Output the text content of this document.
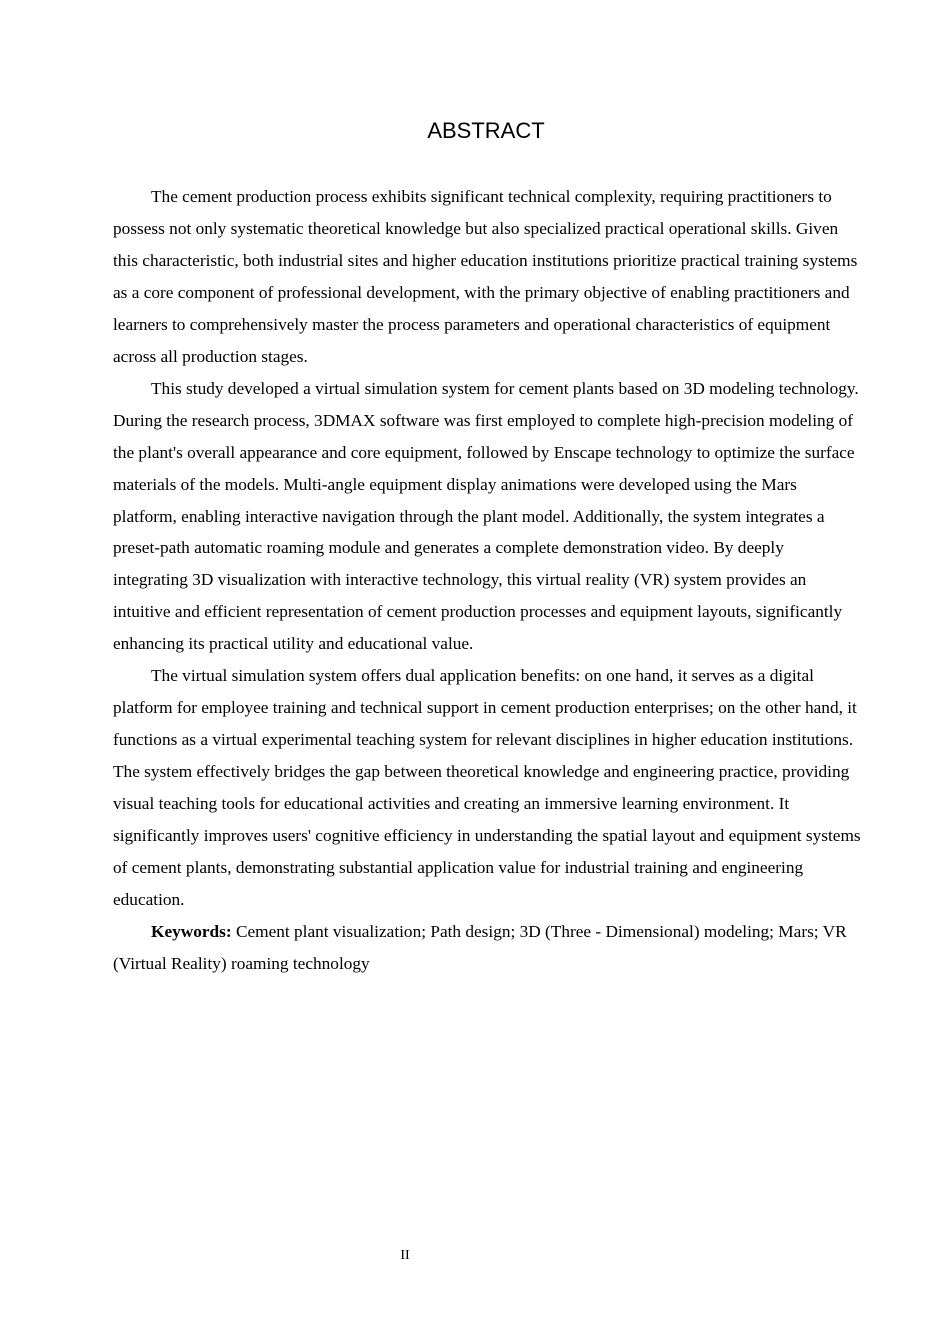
ABSTRACT

The cement production process exhibits significant technical complexity, requiring practitioners to possess not only systematic theoretical knowledge but also specialized practical operational skills. Given this characteristic, both industrial sites and higher education institutions prioritize practical training systems as a core component of professional development, with the primary objective of enabling practitioners and learners to comprehensively master the process parameters and operational characteristics of equipment across all production stages.

This study developed a virtual simulation system for cement plants based on 3D modeling technology. During the research process, 3DMAX software was first employed to complete high-precision modeling of the plant's overall appearance and core equipment, followed by Enscape technology to optimize the surface materials of the models. Multi-angle equipment display animations were developed using the Mars platform, enabling interactive navigation through the plant model. Additionally, the system integrates a preset-path automatic roaming module and generates a complete demonstration video. By deeply integrating 3D visualization with interactive technology, this virtual reality (VR) system provides an intuitive and efficient representation of cement production processes and equipment layouts, significantly enhancing its practical utility and educational value.

The virtual simulation system offers dual application benefits: on one hand, it serves as a digital platform for employee training and technical support in cement production enterprises; on the other hand, it functions as a virtual experimental teaching system for relevant disciplines in higher education institutions. The system effectively bridges the gap between theoretical knowledge and engineering practice, providing visual teaching tools for educational activities and creating an immersive learning environment. It significantly improves users' cognitive efficiency in understanding the spatial layout and equipment systems of cement plants, demonstrating substantial application value for industrial training and engineering education.

Keywords: Cement plant visualization; Path design; 3D (Three - Dimensional) modeling; Mars; VR (Virtual Reality) roaming technology

II
